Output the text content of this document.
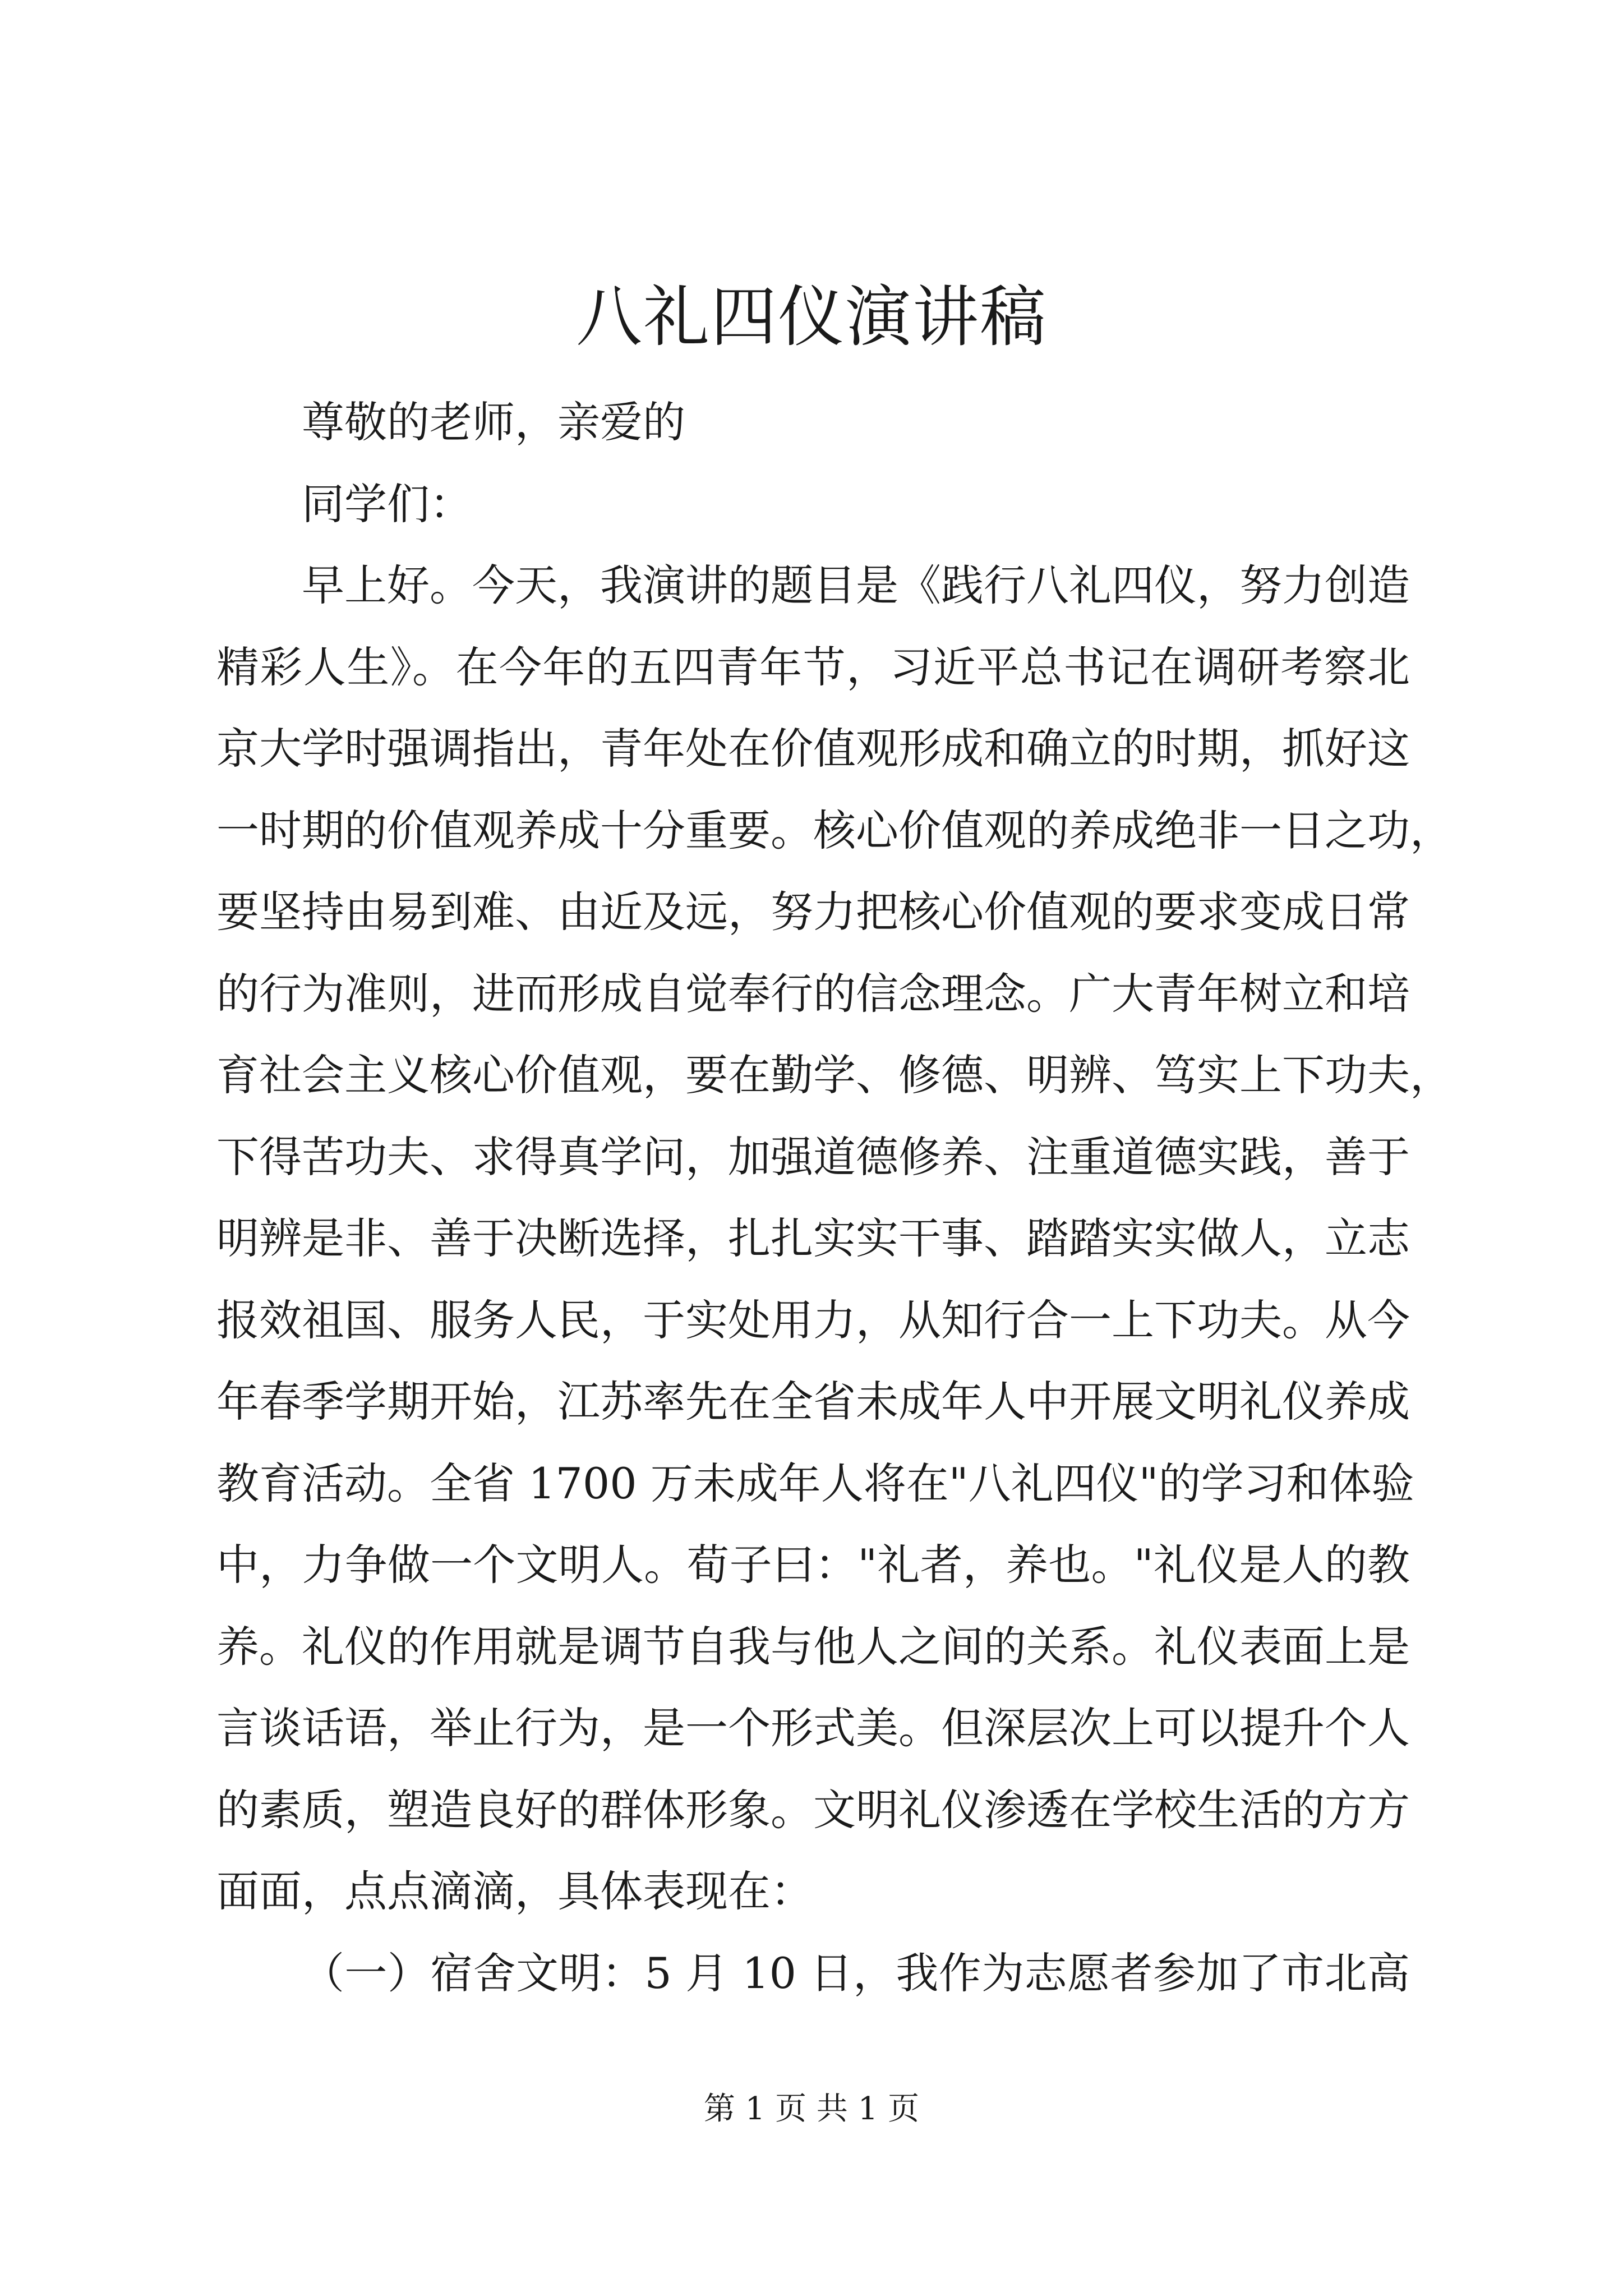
八礼四仪演讲稿
尊敬的老师，亲爱的
同学们：
早上好。今天，我演讲的题目是《践行八礼四仪，努力创造
精彩人生》。在今年的五四青年节，习近平总书记在调研考察北
京大学时强调指出，青年处在价值观形成和确立的时期，抓好这
一时期的价值观养成十分重要。核心价值观的养成绝非一日之功，
要坚持由易到难、由近及远，努力把核心价值观的要求变成日常
的行为准则，进而形成自觉奉行的信念理念。广大青年树立和培
育社会主义核心价值观，要在勤学、修德、明辨、笃实上下功夫，
下得苦功夫、求得真学问，加强道德修养、注重道德实践，善于
明辨是非、善于决断选择，扎扎实实干事、踏踏实实做人，立志
报效祖国、服务人民，于实处用力，从知行合一上下功夫。从今
年春季学期开始，江苏率先在全省未成年人中开展文明礼仪养成
教育活动。全省 1700 万未成年人将在"八礼四仪"的学习和体验
中，力争做一个文明人。荀子曰："礼者，养也。"礼仪是人的教
养。礼仪的作用就是调节自我与他人之间的关系。礼仪表面上是
言谈话语，举止行为，是一个形式美。但深层次上可以提升个人
的素质，塑造良好的群体形象。文明礼仪渗透在学校生活的方方
面面，点点滴滴，具体表现在：
（一）宿舍文明：5 月 10 日，我作为志愿者参加了市北高
第 1 页 共 1 页
